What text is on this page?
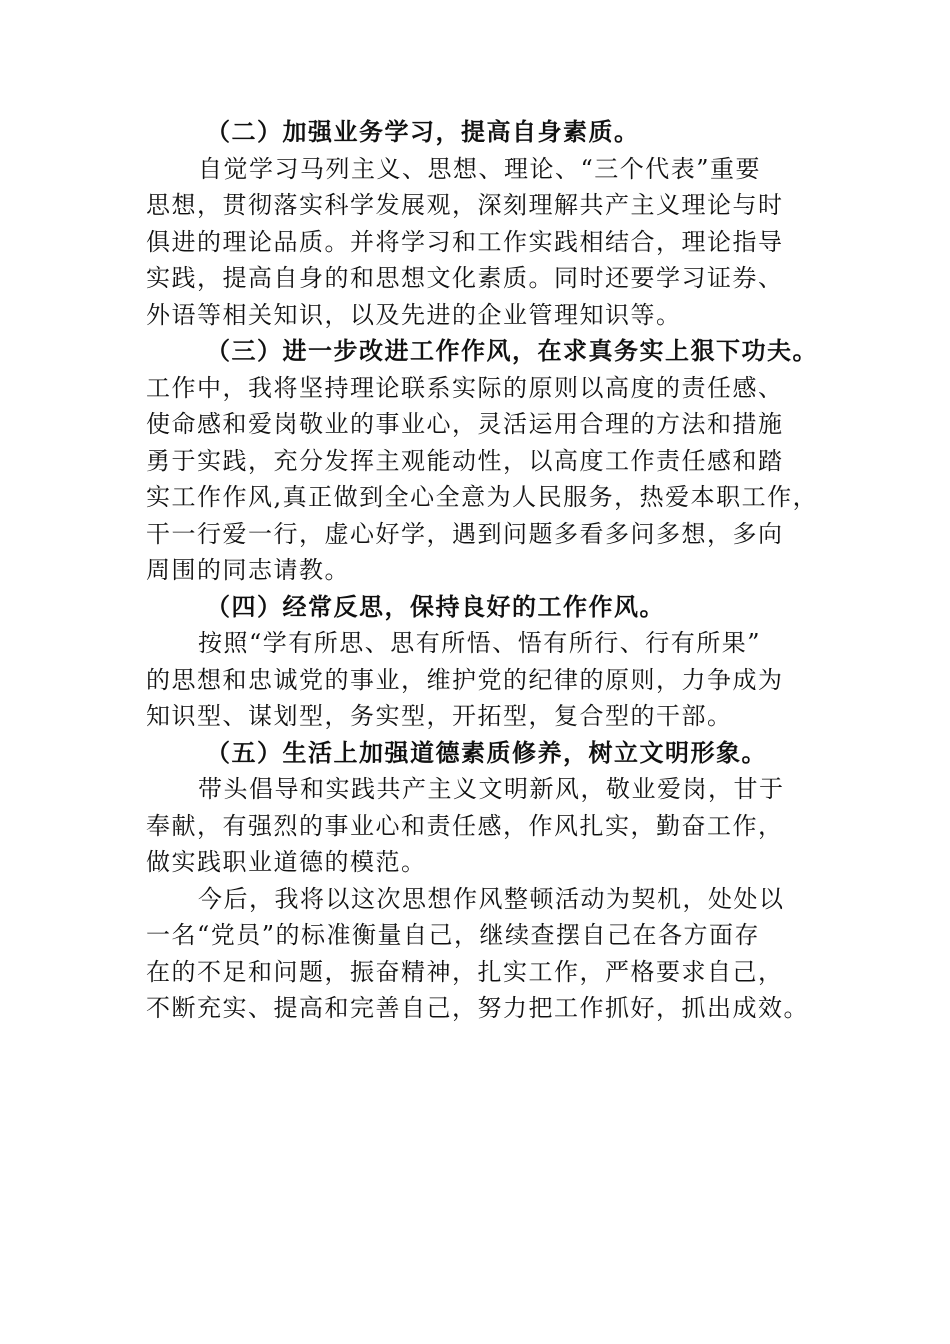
（二）加强业务学习，提高自身素质。
自觉学习马列主义、思想、理论、“三个代表”重要
思想，贯彻落实科学发展观，深刻理解共产主义理论与时
俱进的理论品质。并将学习和工作实践相结合，理论指导
实践，提高自身的和思想文化素质。同时还要学习证券、
外语等相关知识，以及先进的企业管理知识等。
（三）进一步改进工作作风，在求真务实上狠下功夫。
工作中，我将坚持理论联系实际的原则以高度的责任感、
使命感和爱岗敬业的事业心，灵活运用合理的方法和措施
勇于实践，充分发挥主观能动性，以高度工作责任感和踏
实工作作风,真正做到全心全意为人民服务，热爱本职工作，
干一行爱一行，虚心好学，遇到问题多看多问多想，多向
周围的同志请教。
（四）经常反思，保持良好的工作作风。
按照“学有所思、思有所悟、悟有所行、行有所果”
的思想和忠诚党的事业，维护党的纪律的原则，力争成为
知识型、谋划型，务实型，开拓型，复合型的干部。
（五）生活上加强道德素质修养，树立文明形象。
带头倡导和实践共产主义文明新风，敬业爱岗，甘于
奉献，有强烈的事业心和责任感，作风扎实，勤奋工作，
做实践职业道德的模范。
今后，我将以这次思想作风整顿活动为契机，处处以
一名“党员”的标准衡量自己，继续查摆自己在各方面存
在的不足和问题，振奋精神，扎实工作，严格要求自己，
不断充实、提高和完善自己，努力把工作抓好，抓出成效。
